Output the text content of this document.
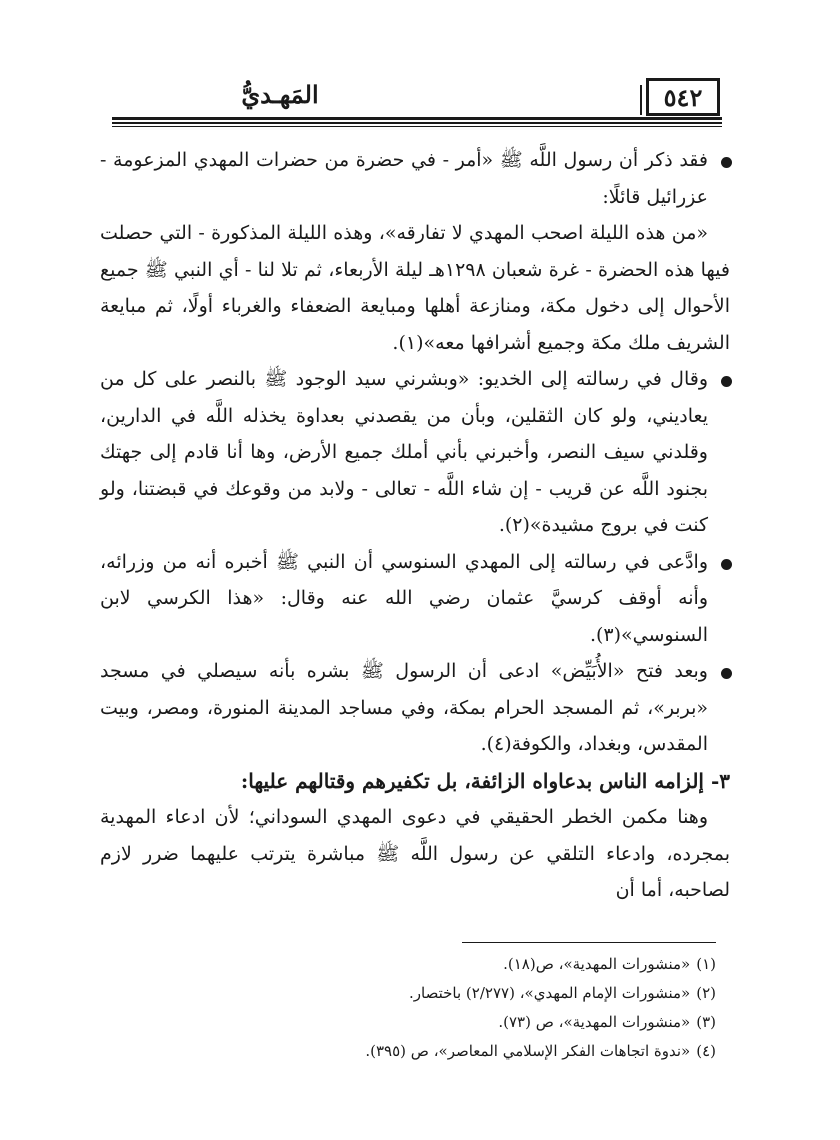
المَهـديُّ	٥٤٢

فقد ذكر أن رسول اللَّه ﷺ «أمر - في حضرة من حضرات المهدي المزعومة - عزرائيل قائلًا:

«من هذه الليلة اصحب المهدي لا تفارقه»، وهذه الليلة المذكورة - التي حصلت فيها هذه الحضرة - غرة شعبان ١٢٩٨هـ ليلة الأربعاء، ثم تلا لنا - أي النبي ﷺ جميع الأحوال إلى دخول مكة، ومنازعة أهلها ومبايعة الضعفاء والغرباء أولًا، ثم مبايعة الشريف ملك مكة وجميع أشرافها معه»(١).

وقال في رسالته إلى الخديو: «وبشرني سيد الوجود ﷺ بالنصر على كل من يعاديني، ولو كان الثقلين، وبأن من يقصدني بعداوة يخذله اللَّه في الدارين، وقلدني سيف النصر، وأخبرني بأني أملك جميع الأرض، وها أنا قادم إلى جهتك بجنود اللَّه عن قريب - إن شاء اللَّه - تعالى - ولابد من وقوعك في قبضتنا، ولو كنت في بروج مشيدة»(٢).

وادَّعى في رسالته إلى المهدي السنوسي أن النبي ﷺ أخبره أنه من وزرائه، وأنه أوقف كرسيَّ عثمان رضي الله عنه وقال: «هذا الكرسي لابن السنوسي»(٣).

وبعد فتح «الأُبَيِّض» ادعى أن الرسول ﷺ بشره بأنه سيصلي في مسجد «بربر»، ثم المسجد الحرام بمكة، وفي مساجد المدينة المنورة، ومصر، وبيت المقدس، وبغداد، والكوفة(٤).

٣- إلزامه الناس بدعاواه الزائفة، بل تكفيرهم وقتالهم عليها:

وهنا مكمن الخطر الحقيقي في دعوى المهدي السوداني؛ لأن ادعاء المهدية بمجرده، وادعاء التلقي عن رسول اللَّه ﷺ مباشرة يترتب عليهما ضرر لازم لصاحبه، أما أن

(١)«منشورات المهدية»، ص(١٨).

(٢)«منشورات الإمام المهدي»، (٢/٢٧٧) باختصار.

(٣)«منشورات المهدية»، ص (٧٣).

(٤)«ندوة اتجاهات الفكر الإسلامي المعاصر»، ص (٣٩٥).
